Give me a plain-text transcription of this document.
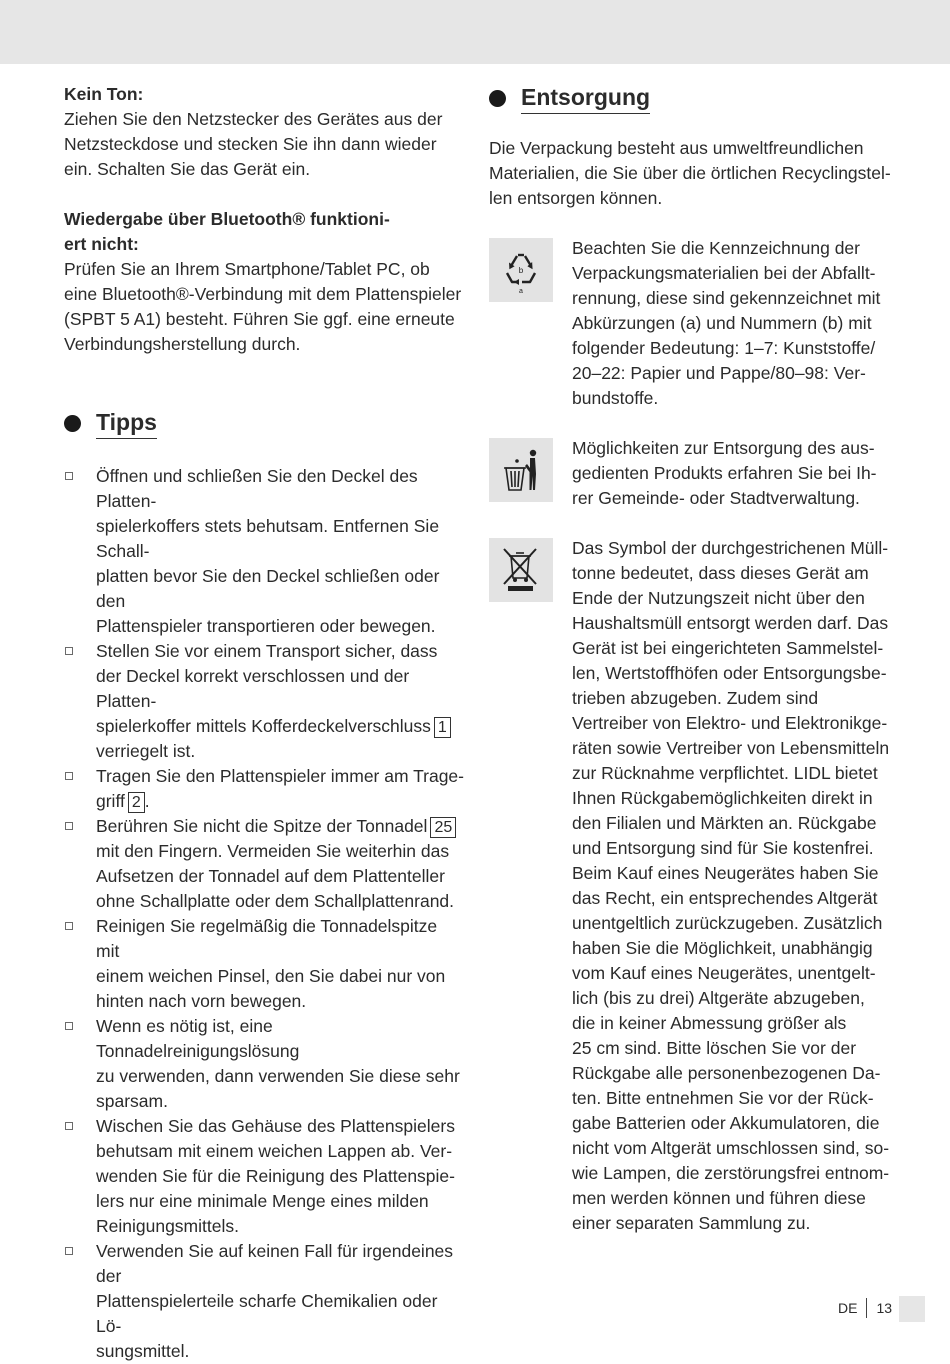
Kein Ton:

Ziehen Sie den Netzstecker des Gerätes aus der
Netzsteckdose und stecken Sie ihn dann wieder
ein. Schalten Sie das Gerät ein.
Wiedergabe über Bluetooth® funktioni-
ert nicht:
Prüfen Sie an Ihrem Smartphone/Tablet PC, ob
eine Bluetooth®-Verbindung mit dem Plattenspieler
(SPBT 5 A1) besteht. Führen Sie ggf. eine erneute
Verbindungsherstellung durch.
Tipps
Öffnen und schließen Sie den Deckel des Platten-
spielerkoffers stets behutsam. Entfernen Sie Schall-
platten bevor Sie den Deckel schließen oder den
Plattenspieler transportieren oder bewegen.
Stellen Sie vor einem Transport sicher, dass
der Deckel korrekt verschlossen und der Platten-
spielerkoffer mittels Kofferdeckelverschluss 1
verriegelt ist.
Tragen Sie den Plattenspieler immer am Trage-
griff 2 .
Berühren Sie nicht die Spitze der Tonnadel 25
mit den Fingern. Vermeiden Sie weiterhin das
Aufsetzen der Tonnadel auf dem Plattenteller
ohne Schallplatte oder dem Schallplattenrand.
Reinigen Sie regelmäßig die Tonnadelspitze mit
einem weichen Pinsel, den Sie dabei nur von
hinten nach vorn bewegen.
Wenn es nötig ist, eine Tonnadelreinigungslösung
zu verwenden, dann verwenden Sie diese sehr
sparsam.
Wischen Sie das Gehäuse des Plattenspielers
behutsam mit einem weichen Lappen ab. Ver-
wenden Sie für die Reinigung des Plattenspie-
lers nur eine minimale Menge eines milden
Reinigungsmittels.
Verwenden Sie auf keinen Fall für irgendeines der
Plattenspielerteile scharfe Chemikalien oder Lö-
sungsmittel.
Entsorgung
Die Verpackung besteht aus umweltfreundlichen
Materialien, die Sie über die örtlichen Recyclingstel-
len entsorgen können.
b
a
Beachten Sie die Kennzeichnung der
Verpackungsmaterialien bei der Abfallt-
rennung, diese sind gekennzeichnet mit
Abkürzungen (a) und Nummern (b) mit
folgender Bedeutung: 1–7: Kunststoffe/
20–22: Papier und Pappe/80–98: Ver-
bundstoffe.
Möglichkeiten zur Entsorgung des aus-
gedienten Produkts erfahren Sie bei Ih-
rer Gemeinde- oder Stadtverwaltung.
Das Symbol der durchgestrichenen Müll-
tonne bedeutet, dass dieses Gerät am
Ende der Nutzungszeit nicht über den
Haushaltsmüll entsorgt werden darf. Das
Gerät ist bei eingerichteten Sammelstel-
len, Wertstoffhöfen oder Entsorgungsbe-
trieben abzugeben. Zudem sind
Vertreiber von Elektro- und Elektronikge-
räten sowie Vertreiber von Lebensmitteln
zur Rücknahme verpflichtet. LIDL bietet
Ihnen Rückgabemöglichkeiten direkt in
den Filialen und Märkten an. Rückgabe
und Entsorgung sind für Sie kostenfrei.
Beim Kauf eines Neugerätes haben Sie
das Recht, ein entsprechendes Altgerät
unentgeltlich zurückzugeben. Zusätzlich
haben Sie die Möglichkeit, unabhängig
vom Kauf eines Neugerätes, unentgelt-
lich (bis zu drei) Altgeräte abzugeben,
die in keiner Abmessung größer als
25 cm sind. Bitte löschen Sie vor der
Rückgabe alle personenbezogenen Da-
ten. Bitte entnehmen Sie vor der Rück-
gabe Batterien oder Akkumulatoren, die
nicht vom Altgerät umschlossen sind, so-
wie Lampen, die zerstörungsfrei entnom-
men werden können und führen diese
einer separaten Sammlung zu.
DE	13
